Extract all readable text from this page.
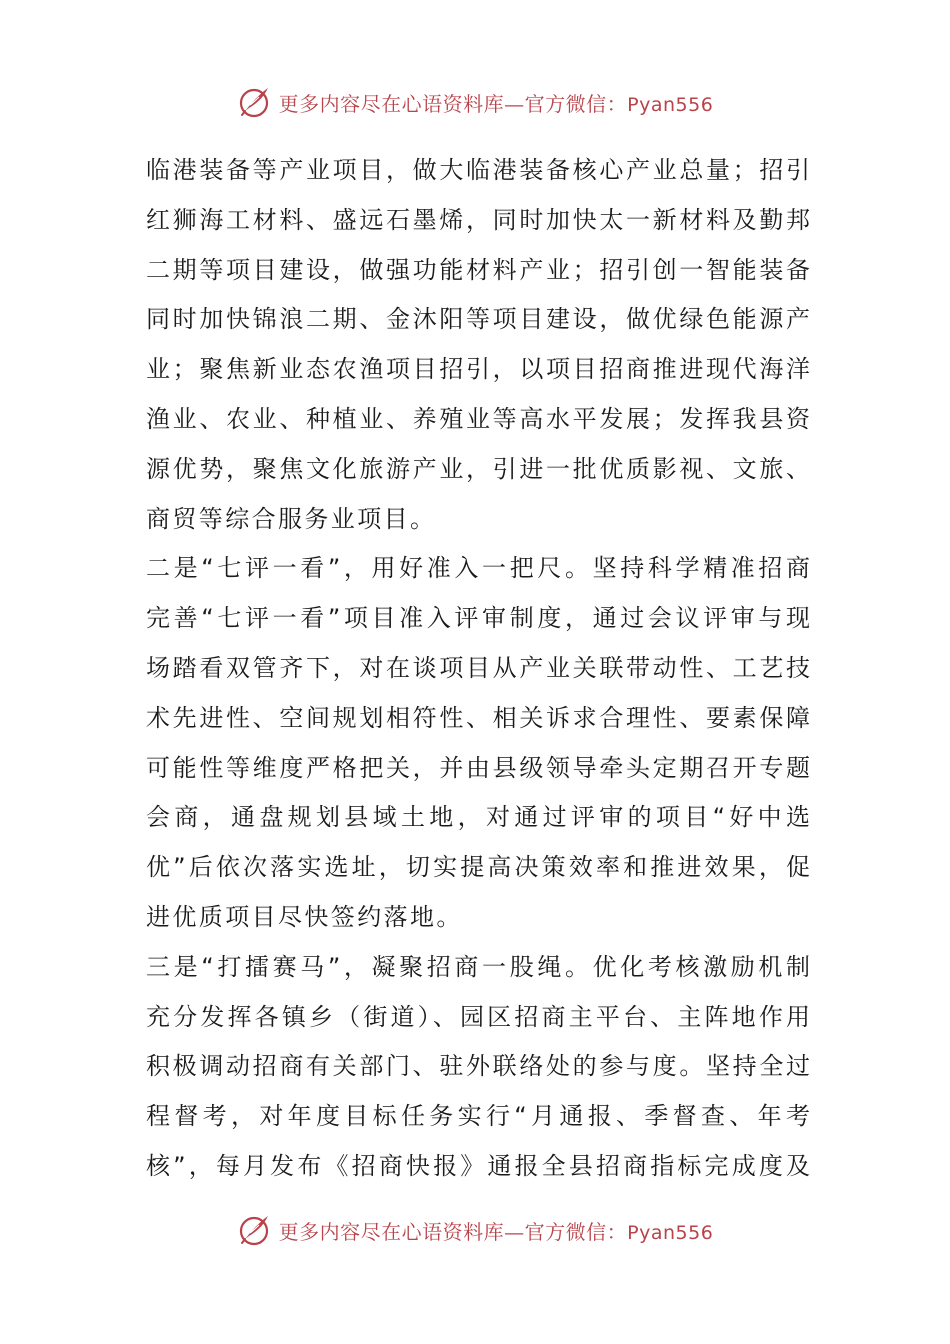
更多内容尽在心语资料库—官方微信：Pyan556
临港装备等产业项目，做大临港装备核心产业总量；招引
红狮海工材料、盛远石墨烯，同时加快太一新材料及勤邦
二期等项目建设，做强功能材料产业；招引创一智能装备
同时加快锦浪二期、金沐阳等项目建设，做优绿色能源产
业；聚焦新业态农渔项目招引，以项目招商推进现代海洋
渔业、农业、种植业、养殖业等高水平发展；发挥我县资
源优势，聚焦文化旅游产业，引进一批优质影视、文旅、
商贸等综合服务业项目。
二是“七评一看”，用好准入一把尺。坚持科学精准招商
完善“七评一看”项目准入评审制度，通过会议评审与现
场踏看双管齐下，对在谈项目从产业关联带动性、工艺技
术先进性、空间规划相符性、相关诉求合理性、要素保障
可能性等维度严格把关，并由县级领导牵头定期召开专题
会商，通盘规划县域土地，对通过评审的项目“好中选
优”后依次落实选址，切实提高决策效率和推进效果，促
进优质项目尽快签约落地。
三是“打擂赛马”，凝聚招商一股绳。优化考核激励机制
充分发挥各镇乡（街道）、园区招商主平台、主阵地作用
积极调动招商有关部门、驻外联络处的参与度。坚持全过
程督考，对年度目标任务实行“月通报、季督查、年考
核”，每月发布《招商快报》通报全县招商指标完成度及
更多内容尽在心语资料库—官方微信：Pyan556
